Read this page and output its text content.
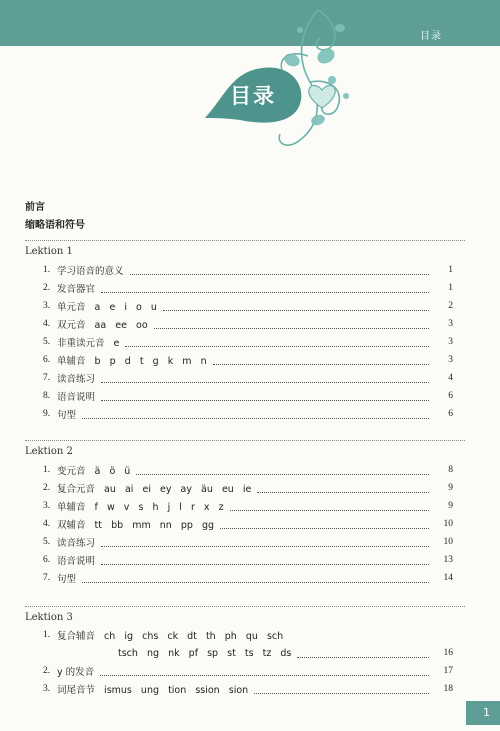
目录
目录
前言
缩略语和符号
Lektion 1
1. 学习语音的意义	1
2. 发音器官	1
3. 单元音   a   e   i   o   u	2
4. 双元音   aa   ee   oo	3
5. 非重读元音   e	3
6. 单辅音   b   p   d   t   g   k   m   n	3
7. 读音练习	4
8. 语音说明	6
9. 句型	6
Lektion 2
1. 变元音   ä   ö   ü	8
2. 复合元音   au   ai   ei   ey   ay   äu   eu   ie	9
3. 单辅音   f   w   v   s   h   j   l   r   x   z	9
4. 双辅音   tt   bb   mm   nn   pp   gg	10
5. 读音练习	10
6. 语音说明	13
7. 句型	14
Lektion 3
1. 复合辅音   ch   ig   chs   ck   dt   th   ph   qu   sch
tsch   ng   nk   pf   sp   st   ts   tz   ds	16
2. y 的发音	17
3. 词尾音节   ismus   ung   tion   ssion   sion	18
1
